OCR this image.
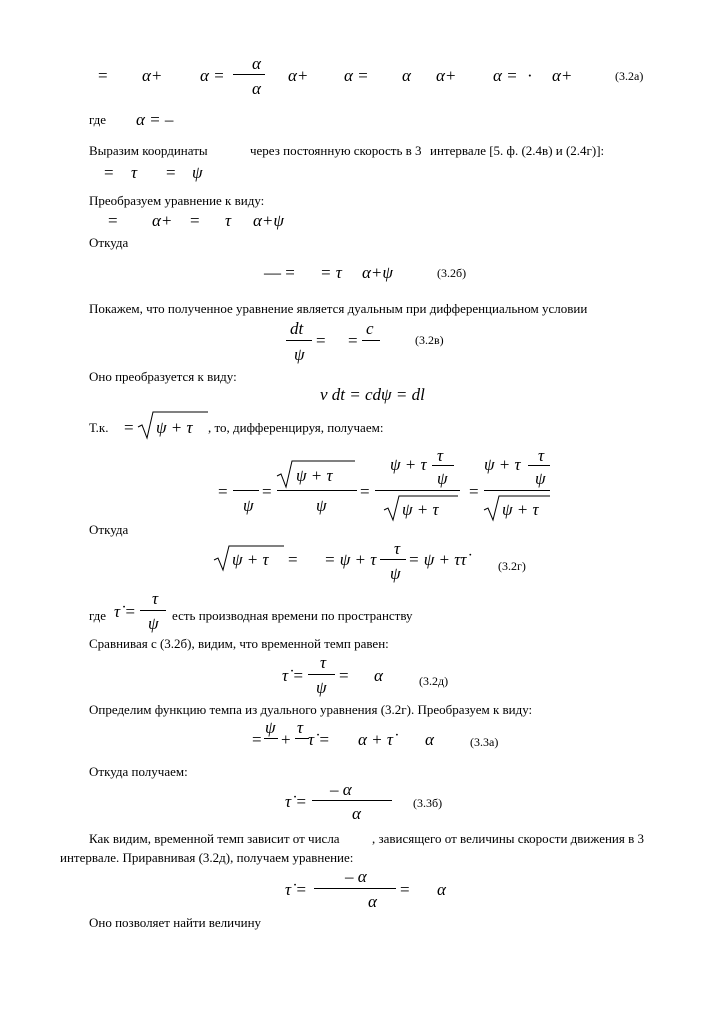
= α+ α =
α
α
α+ α = α α+ α = · α+	(3.2а)
где α = –
Выразим координаты	через постоянную скорость в 3 интервале [5. ф. (2.4в) и (2.4г)]:
= τ = ψ
Преобразуем уравнение к виду:
= α+ = τ α+ψ
Откуда
— = = τ α+ψ	(3.2б)
Покажем, что полученное уравнение является дуальным при дифференциальном условии
dt
ψ
= =
c
(3.2в)
Оно преобразуется к виду:
v dt = cdψ = dl
Т.к. = ψ + τ , то, дифференцируя, получаем:
=
ψ
=
ψ + τ
ψ
=
ψ + τ τ
ψ
ψ + τ
=
ψ + τ τ
ψ
ψ + τ
Откуда
ψ + τ = = ψ + τ
τ
ψ
= ψ + ττ̇	(3.2г)
где τ̇ =
τ
ψ есть производная времени по пространству
Сравнивая с (3.2б), видим, что временной темп равен:
τ̇ =
τ
ψ
= α	(3.2д)
Определим функцию темпа из дуального уравнения (3.2г). Преобразуем к виду:
=
ψ
+
τ
τ̇ = α + τ̇ α	(3.3а)
Откуда получаем:
τ̇ =
– α
α
(3.3б)
Как видим, временной темп зависит от числа , зависящего от величины скорости движения в 3
интервале. Приравнивая (3.2д), получаем уравнение:
τ̇ =
– α
α
= α
Оно позволяет найти величину
